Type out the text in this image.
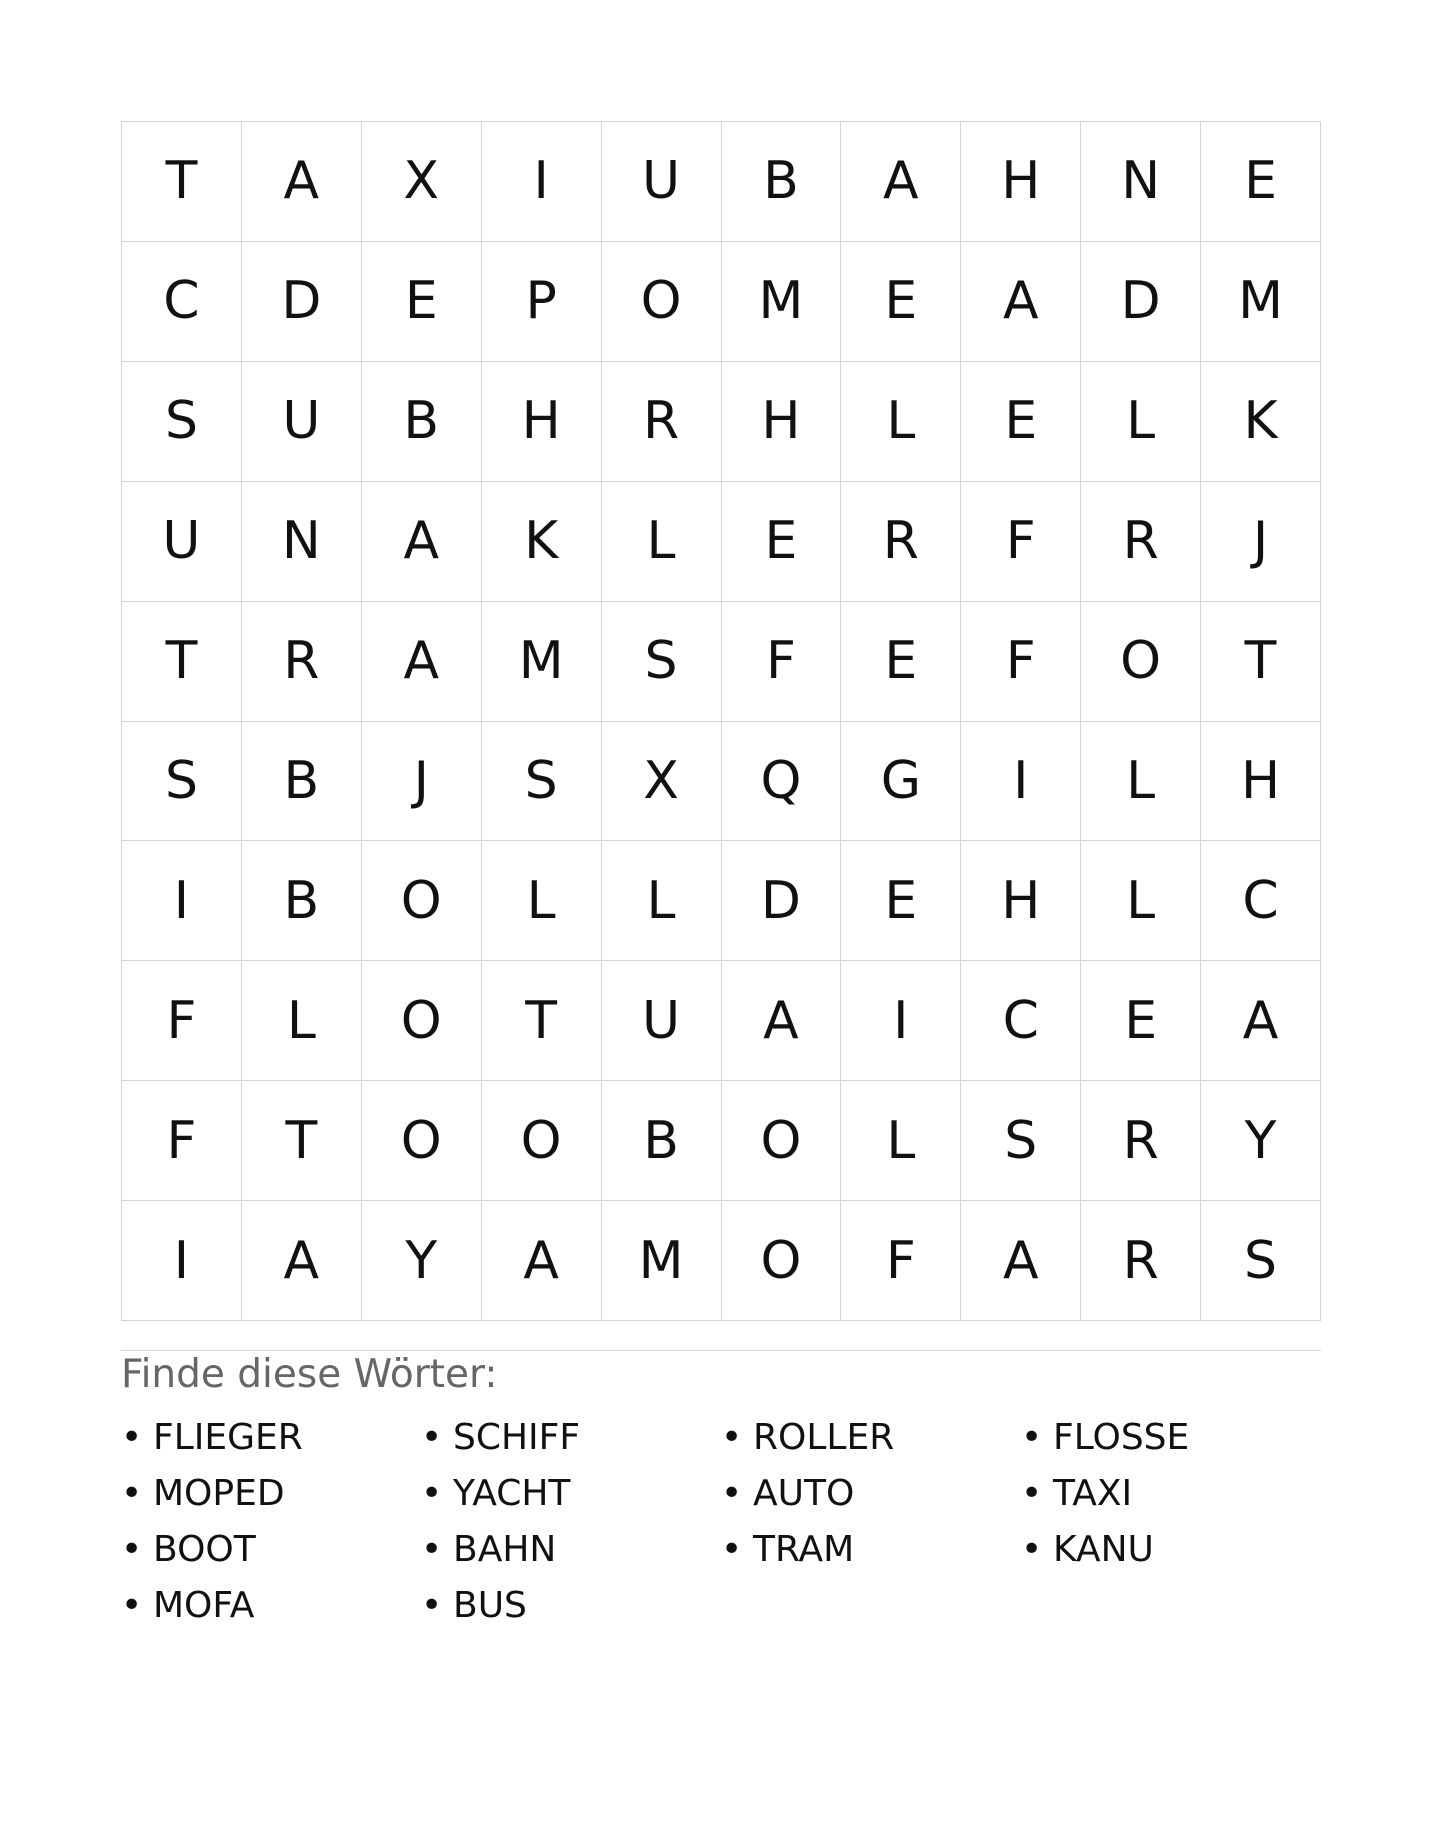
T	A	X	I	U	B	A	H	N	E
C	D	E	P	O	M	E	A	D	M
S	U	B	H	R	H	L	E	L	K
U	N	A	K	L	E	R	F	R	J
T	R	A	M	S	F	E	F	O	T
S	B	J	S	X	Q	G	I	L	H
I	B	O	L	L	D	E	H	L	C
F	L	O	T	U	A	I	C	E	A
F	T	O	O	B	O	L	S	R	Y
I	A	Y	A	M	O	F	A	R	S
Finde diese Wörter:
• FLIEGER	• SCHIFF	• ROLLER	• FLOSSE
• MOPED	• YACHT	• AUTO	• TAXI
• BOOT	• BAHN	• TRAM	• KANU
• MOFA	• BUS
